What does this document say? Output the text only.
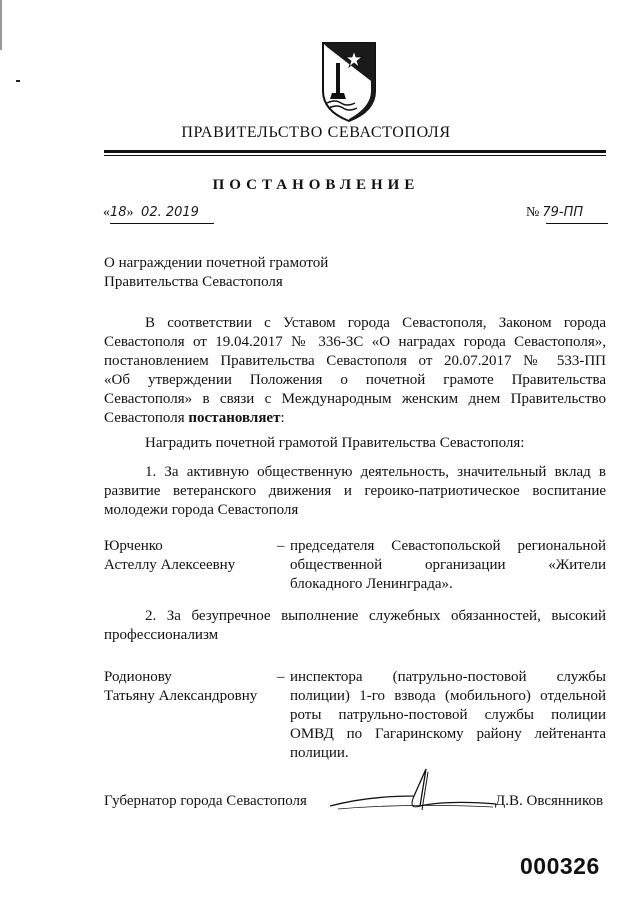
ПРАВИТЕЛЬСТВО СЕВАСТОПОЛЯ
ПОСТАНОВЛЕНИЕ
«18» 02. 2019	№ 79-ПП
О награждении почетной грамотой
Правительства Севастополя
В соответствии с Уставом города Севастополя, Законом города
Севастополя от 19.04.2017 № 336-ЗС «О наградах города Севастополя»,
постановлением Правительства Севастополя от 20.07.2017 № 533-ПП
«Об утверждении Положения о почетной грамоте Правительства
Севастополя» в связи с Международным женским днем Правительство
Севастополя постановляет:
Наградить почетной грамотой Правительства Севастополя:
1. За активную общественную деятельность, значительный вклад в развитие ветеранского движения и героико-патриотическое воспитание молодежи города Севастополя
Юрченко
Астеллу Алексеевну
– председателя Севастопольской региональной
общественной организации «Жители
блокадного Ленинграда».
2. За безупречное выполнение служебных обязанностей, высокий профессионализм
Родионову
Татьяну Александровну
– инспектора (патрульно-постовой службы
полиции) 1-го взвода (мобильного) отдельной
роты патрульно-постовой службы полиции
ОМВД по Гагаринскому району лейтенанта
полиции.
Губернатор города Севастополя	Д.В. Овсянников
000326
